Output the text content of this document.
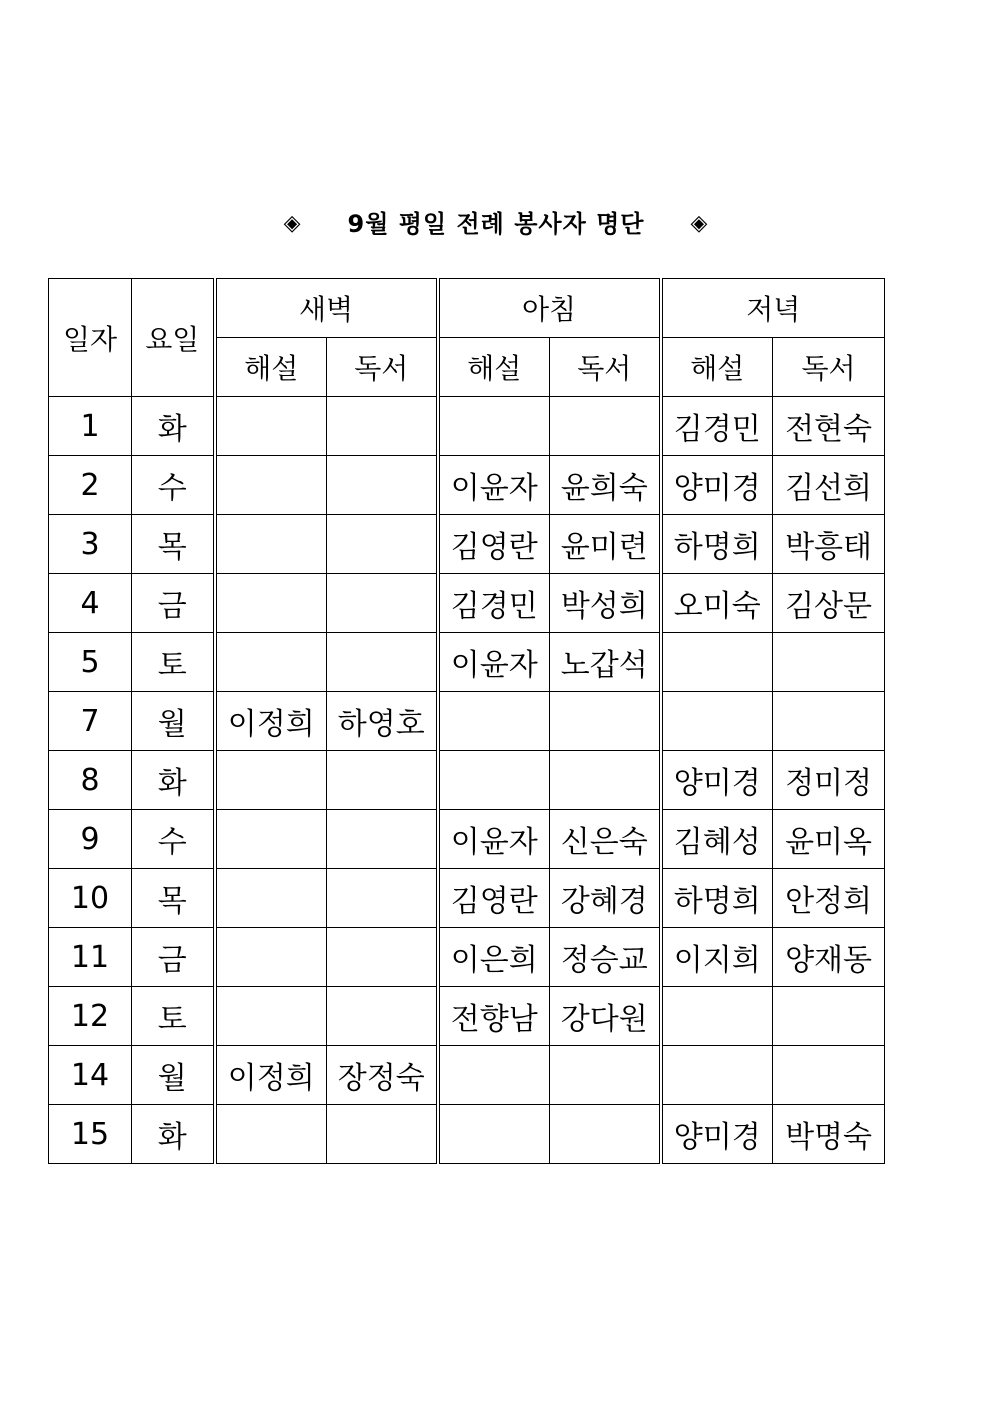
◈ 9월 평일 전례 봉사자 명단 ◈
일자	요일	새벽		아침		저녁	
		해설	독서	해설	독서	해설	독서
1	화					김경민	전현숙
2	수			이윤자	윤희숙	양미경	김선희
3	목			김영란	윤미련	하명희	박흥태
4	금			김경민	박성희	오미숙	김상문
5	토			이윤자	노갑석		
7	월	이정희	하영호				
8	화					양미경	정미정
9	수			이윤자	신은숙	김혜성	윤미옥
10	목			김영란	강혜경	하명희	안정희
11	금			이은희	정승교	이지희	양재동
12	토			전향남	강다원		
14	월	이정희	장정숙				
15	화					양미경	박명숙
